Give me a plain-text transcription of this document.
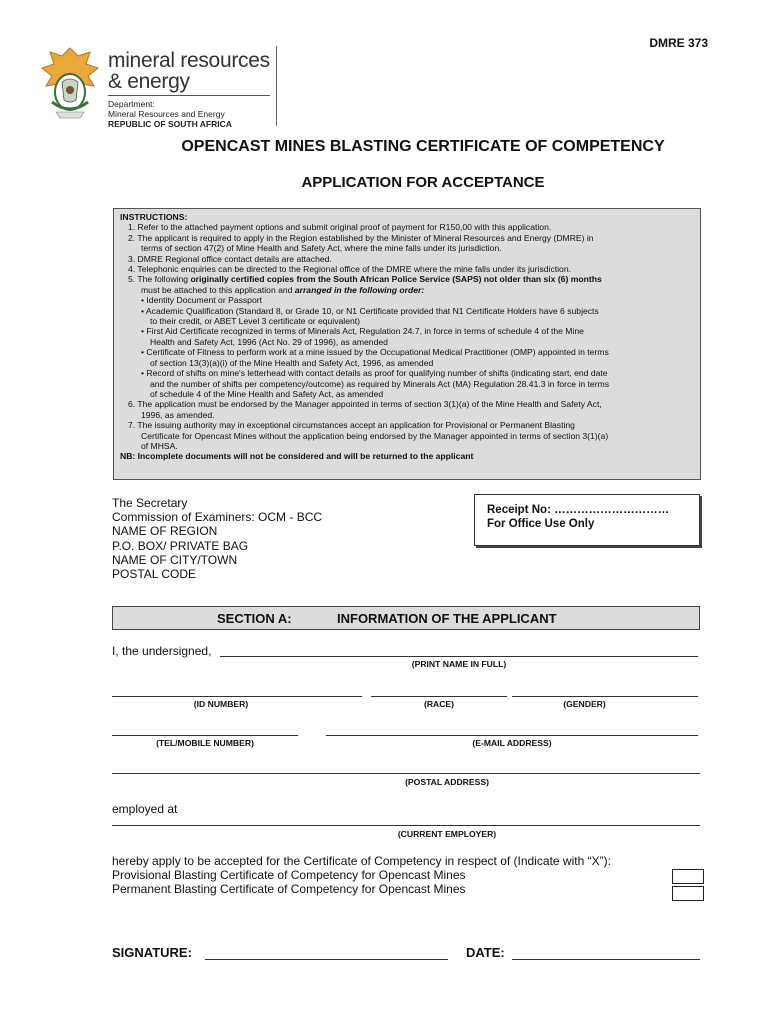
DMRE 373
mineral resources
& energy
Department:
Mineral Resources and Energy
REPUBLIC OF SOUTH AFRICA
OPENCAST MINES BLASTING CERTIFICATE OF COMPETENCY
APPLICATION FOR ACCEPTANCE
INSTRUCTIONS:
1. Refer to the attached payment options and submit original proof of payment for R150,00 with this application.
2. The applicant is required to apply in the Region established by the Minister of Mineral Resources and Energy (DMRE) in
terms of section 47(2) of Mine Health and Safety Act, where the mine falls under its jurisdiction.
3. DMRE Regional office contact details are attached.
4. Telephonic enquiries can be directed to the Regional office of the DMRE where the mine falls under its jurisdiction.
5. The following originally certified copies from the South African Police Service (SAPS) not older than six (6) months
must be attached to this application and arranged in the following order:
• Identity Document or Passport
• Academic Qualification (Standard 8, or Grade 10, or N1 Certificate provided that N1 Certificate Holders have 6 subjects
to their credit, or ABET Level 3 certificate or equivalent)
• First Aid Certificate recognized in terms of Minerals Act, Regulation 24.7, in force in terms of schedule 4 of the Mine
Health and Safety Act, 1996 (Act No. 29 of 1996), as amended
• Certificate of Fitness to perform work at a mine issued by the Occupational Medical Practitioner (OMP) appointed in terms
of section 13(3)(a)(i) of the Mine Health and Safety Act, 1996, as amended
• Record of shifts on mine's letterhead with contact details as proof for qualifying number of shifts (indicating start, end date
and the number of shifts per competency/outcome) as required by Minerals Act (MA) Regulation 28.41.3 in force in terms
of schedule 4 of the Mine Health and Safety Act, as amended
6. The application must be endorsed by the Manager appointed in terms of section 3(1)(a) of the Mine Health and Safety Act,
1996, as amended.
7. The issuing authority may in exceptional circumstances accept an application for Provisional or Permanent Blasting
Certificate for Opencast Mines without the application being endorsed by the Manager appointed in terms of section 3(1)(a)
of MHSA.
NB: Incomplete documents will not be considered and will be returned to the applicant
The Secretary
Commission of Examiners: OCM - BCC
NAME OF REGION
P.O. BOX/ PRIVATE BAG
NAME OF CITY/TOWN
POSTAL CODE
Receipt No: …………………………
For Office Use Only
SECTION A:	INFORMATION OF THE APPLICANT
I, the undersigned,
(PRINT NAME IN FULL)
(ID NUMBER)	(RACE)	(GENDER)
(TEL/MOBILE NUMBER)	(E-MAIL ADDRESS)
(POSTAL ADDRESS)
employed at
(CURRENT EMPLOYER)
hereby apply to be accepted for the Certificate of Competency in respect of (Indicate with “X”):
Provisional Blasting Certificate of Competency for Opencast Mines
Permanent Blasting Certificate of Competency for Opencast Mines
SIGNATURE:	DATE:
